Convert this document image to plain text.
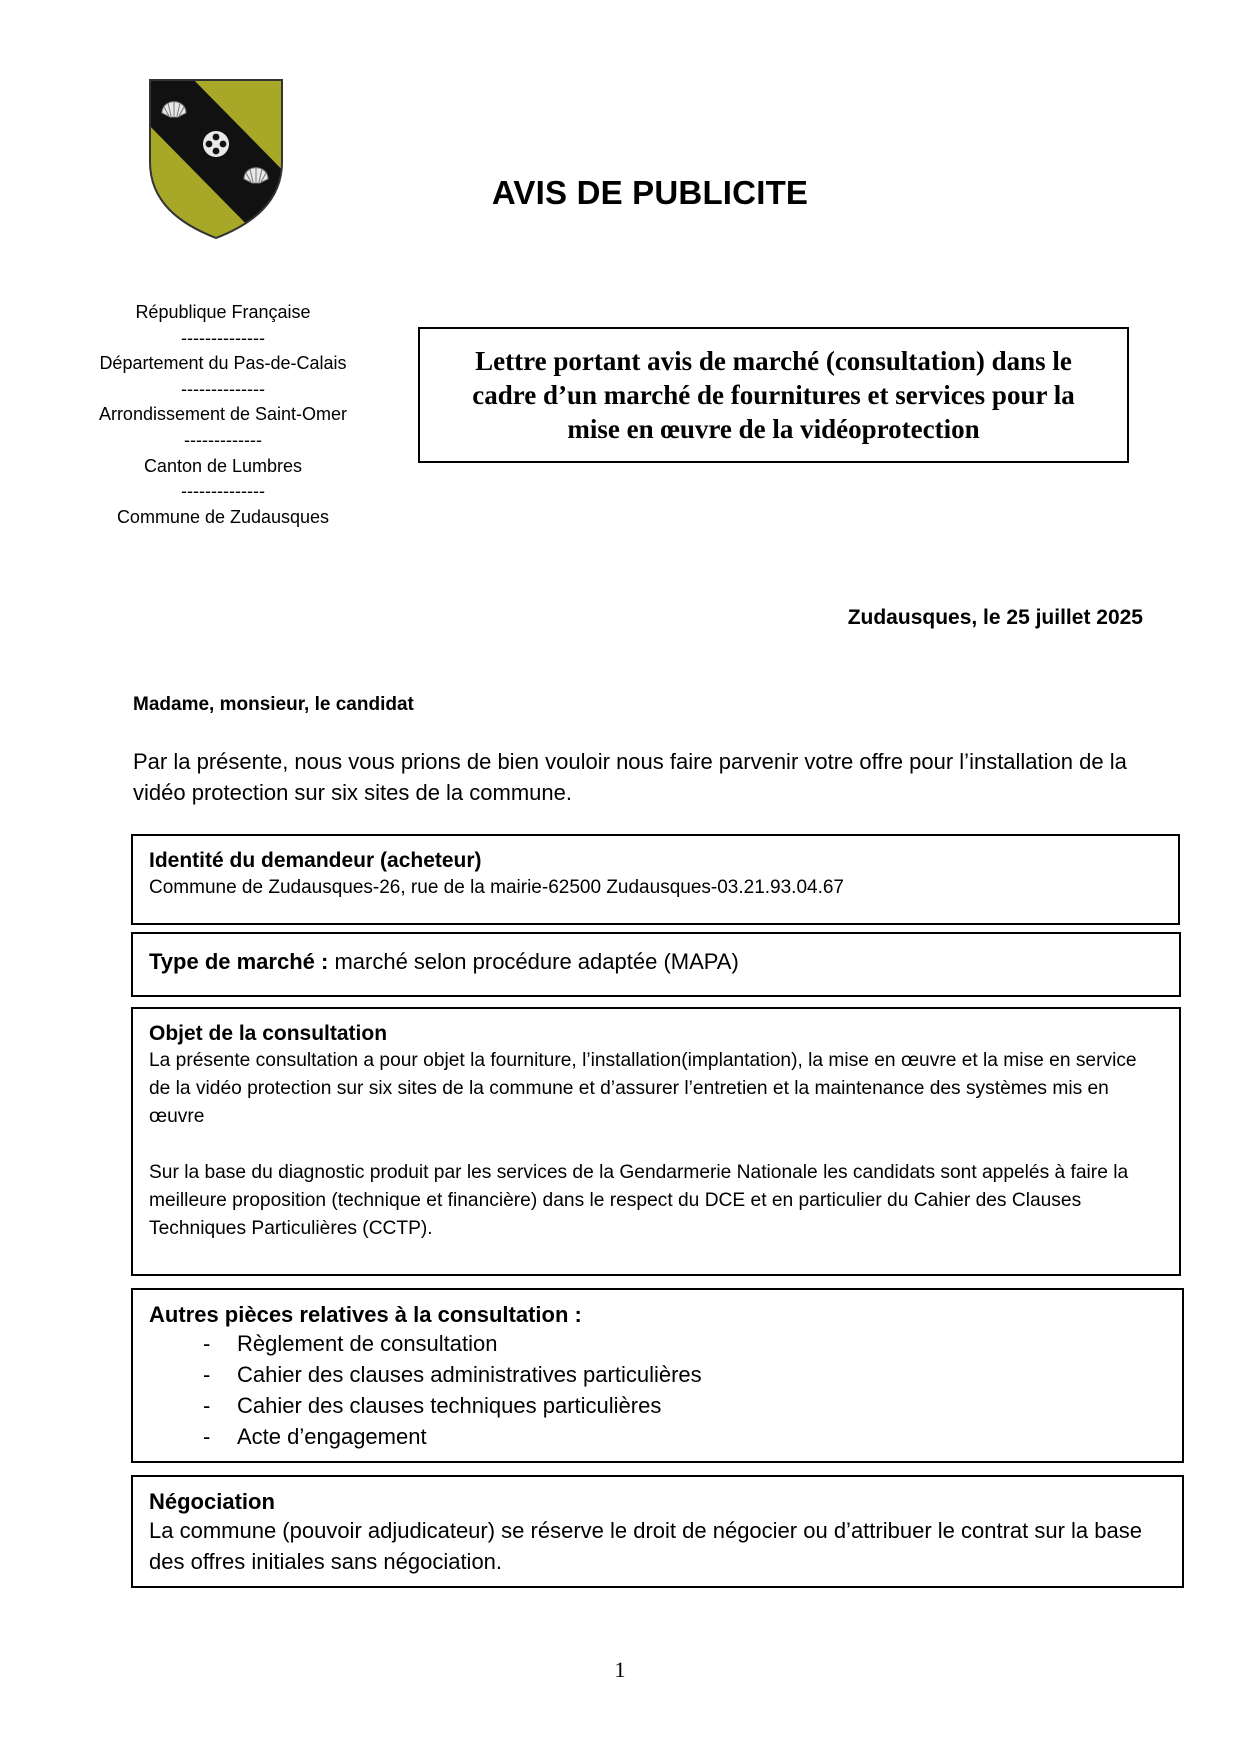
AVIS DE PUBLICITE
République Française
--------------
Département du Pas-de-Calais
--------------
Arrondissement de Saint-Omer
-------------
Canton de Lumbres
--------------
Commune de Zudausques
Lettre portant avis de marché (consultation) dans le cadre d’un marché de fournitures et services pour la mise en œuvre de la vidéoprotection
Zudausques, le 25 juillet 2025
Madame, monsieur, le candidat
Par la présente, nous vous prions de bien vouloir nous faire parvenir votre offre pour l’installation de la vidéo protection sur six sites de la commune.
Identité du demandeur (acheteur)
Commune de Zudausques-26, rue de la mairie-62500 Zudausques-03.21.93.04.67
Type de marché : marché selon procédure adaptée (MAPA)
Objet de la consultation
La présente consultation a pour objet la fourniture, l’installation(implantation), la mise en œuvre et la mise en service de la vidéo protection sur six sites de la commune et d’assurer l’entretien et la maintenance des systèmes mis en œuvre
Sur la base du diagnostic produit par les services de la Gendarmerie Nationale les candidats sont appelés à faire la meilleure proposition (technique et financière) dans le respect du DCE et en particulier du Cahier des Clauses Techniques Particulières (CCTP).
Autres pièces relatives à la consultation :
- Règlement de consultation
- Cahier des clauses administratives particulières
- Cahier des clauses techniques particulières
- Acte d’engagement
Négociation
La commune (pouvoir adjudicateur) se réserve le droit de négocier ou d’attribuer le contrat sur la base des offres initiales sans négociation.
1
